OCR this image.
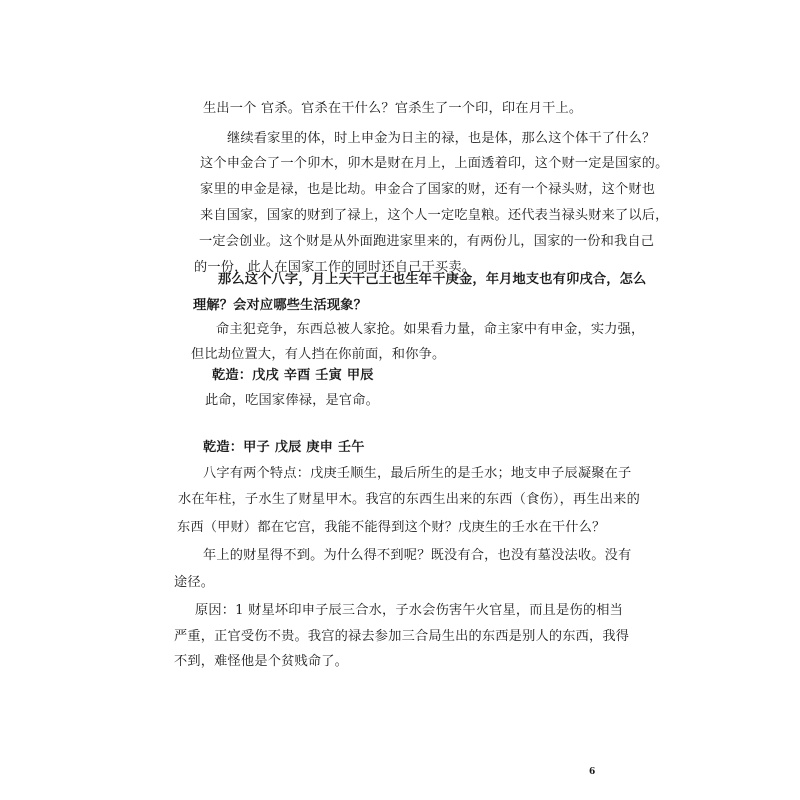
生出一个 官杀。官杀在干什么？官杀生了一个印，印在月干上。
继续看家里的体，时上申金为日主的禄，也是体，那么这个体干了什么？
这个申金合了一个卯木，卯木是财在月上，上面透着印，这个财一定是国家的。
家里的申金是禄，也是比劫。申金合了国家的财，还有一个禄头财，这个财也
来自国家，国家的财到了禄上，这个人一定吃皇粮。还代表当禄头财来了以后，
一定会创业。这个财是从外面跑进家里来的，有两份儿，国家的一份和我自己
的一份，此人在国家工作的同时还自己干买卖。
那么这个八字，月上天干己土也生年干庚金，年月地支也有卯戌合，怎么
理解？会对应哪些生活现象？
命主犯竞争，东西总被人家抢。如果看力量，命主家中有申金，实力强，
但比劫位置大，有人挡在你前面，和你争。
乾造：戊戌 辛酉 壬寅 甲辰
此命，吃国家俸禄，是官命。
乾造：甲子 戊辰 庚申 壬午
八字有两个特点：戊庚壬顺生，最后所生的是壬水；地支申子辰凝聚在子
水在年柱，子水生了财星甲木。我宫的东西生出来的东西（食伤），再生出来的
东西（甲财）都在它宫，我能不能得到这个财？戊庚生的壬水在干什么？
年上的财星得不到。为什么得不到呢？既没有合，也没有墓没法收。没有
途径。
原因：1 财星坏印申子辰三合水，子水会伤害午火官星，而且是伤的相当
严重，正官受伤不贵。我宫的禄去参加三合局生出的东西是别人的东西，我得
不到，难怪他是个贫贱命了。
6
